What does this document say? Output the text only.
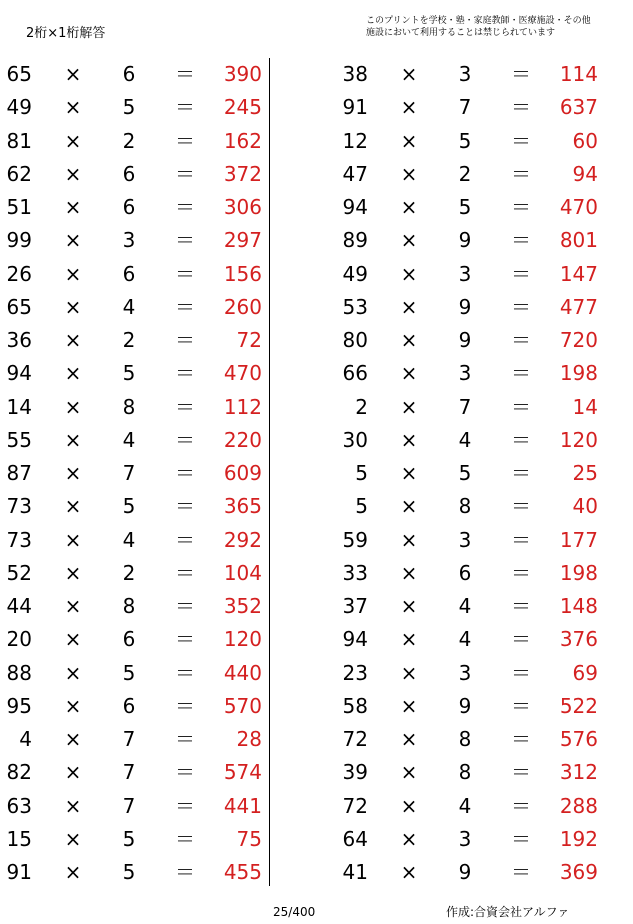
2桁×1桁解答
このプリントを学校・塾・家庭教師・医療施設・その他
施設において利用することは禁じられています
65 × 6 ＝	390
49 × 5 ＝	245
81 × 2 ＝	162
62 × 6 ＝	372
51 × 6 ＝	306
99 × 3 ＝	297
26 × 6 ＝	156
65 × 4 ＝	260
36 × 2 ＝	72
94 × 5 ＝	470
14 × 8 ＝	112
55 × 4 ＝	220
87 × 7 ＝	609
73 × 5 ＝	365
73 × 4 ＝	292
52 × 2 ＝	104
44 × 8 ＝	352
20 × 6 ＝	120
88 × 5 ＝	440
95 × 6 ＝	570
4 × 7 ＝	28
82 × 7 ＝	574
63 × 7 ＝	441
15 × 5 ＝	75
91 × 5 ＝	455
38 × 3 ＝	114
91 × 7 ＝	637
12 × 5 ＝	60
47 × 2 ＝	94
94 × 5 ＝	470
89 × 9 ＝	801
49 × 3 ＝	147
53 × 9 ＝	477
80 × 9 ＝	720
66 × 3 ＝	198
2 × 7 ＝	14
30 × 4 ＝	120
5 × 5 ＝	25
5 × 8 ＝	40
59 × 3 ＝	177
33 × 6 ＝	198
37 × 4 ＝	148
94 × 4 ＝	376
23 × 3 ＝	69
58 × 9 ＝	522
72 × 8 ＝	576
39 × 8 ＝	312
72 × 4 ＝	288
64 × 3 ＝	192
41 × 9 ＝	369
25/400	作成:合資会社アルファ
